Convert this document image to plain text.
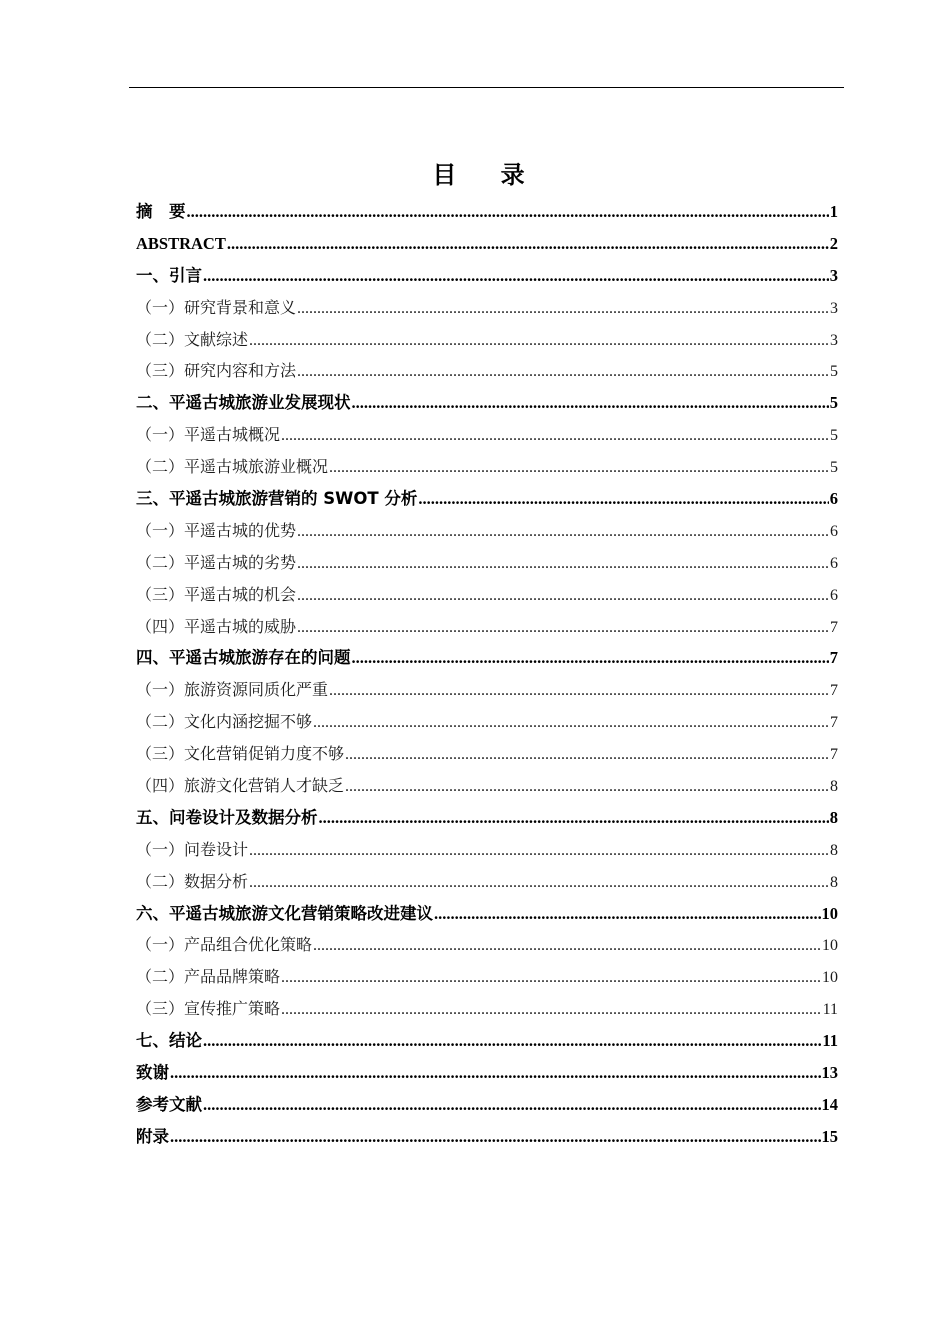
目 录
摘　要 .....	1
ABSTRACT .....	2
一、引言 .....	3
（一）研究背景和意义 .....	3
（二）文献综述 .....	3
（三）研究内容和方法 .....	5
二、平遥古城旅游业发展现状 .....	5
（一）平遥古城概况 .....	5
（二）平遥古城旅游业概况 .....	5
三、平遥古城旅游营销的 SWOT 分析 .....	6
（一）平遥古城的优势 .....	6
（二）平遥古城的劣势 .....	6
（三）平遥古城的机会 .....	6
（四）平遥古城的威胁 .....	7
四、平遥古城旅游存在的问题 .....	7
（一）旅游资源同质化严重 .....	7
（二）文化内涵挖掘不够 .....	7
（三）文化营销促销力度不够 .....	7
（四）旅游文化营销人才缺乏 .....	8
五、问卷设计及数据分析 .....	8
（一）问卷设计 .....	8
（二）数据分析 .....	8
六、平遥古城旅游文化营销策略改进建议 .....	10
（一）产品组合优化策略 .....	10
（二）产品品牌策略 .....	10
（三）宣传推广策略 .....	11
七、结论 .....	11
致谢 .....	13
参考文献 .....	14
附录 .....	15
